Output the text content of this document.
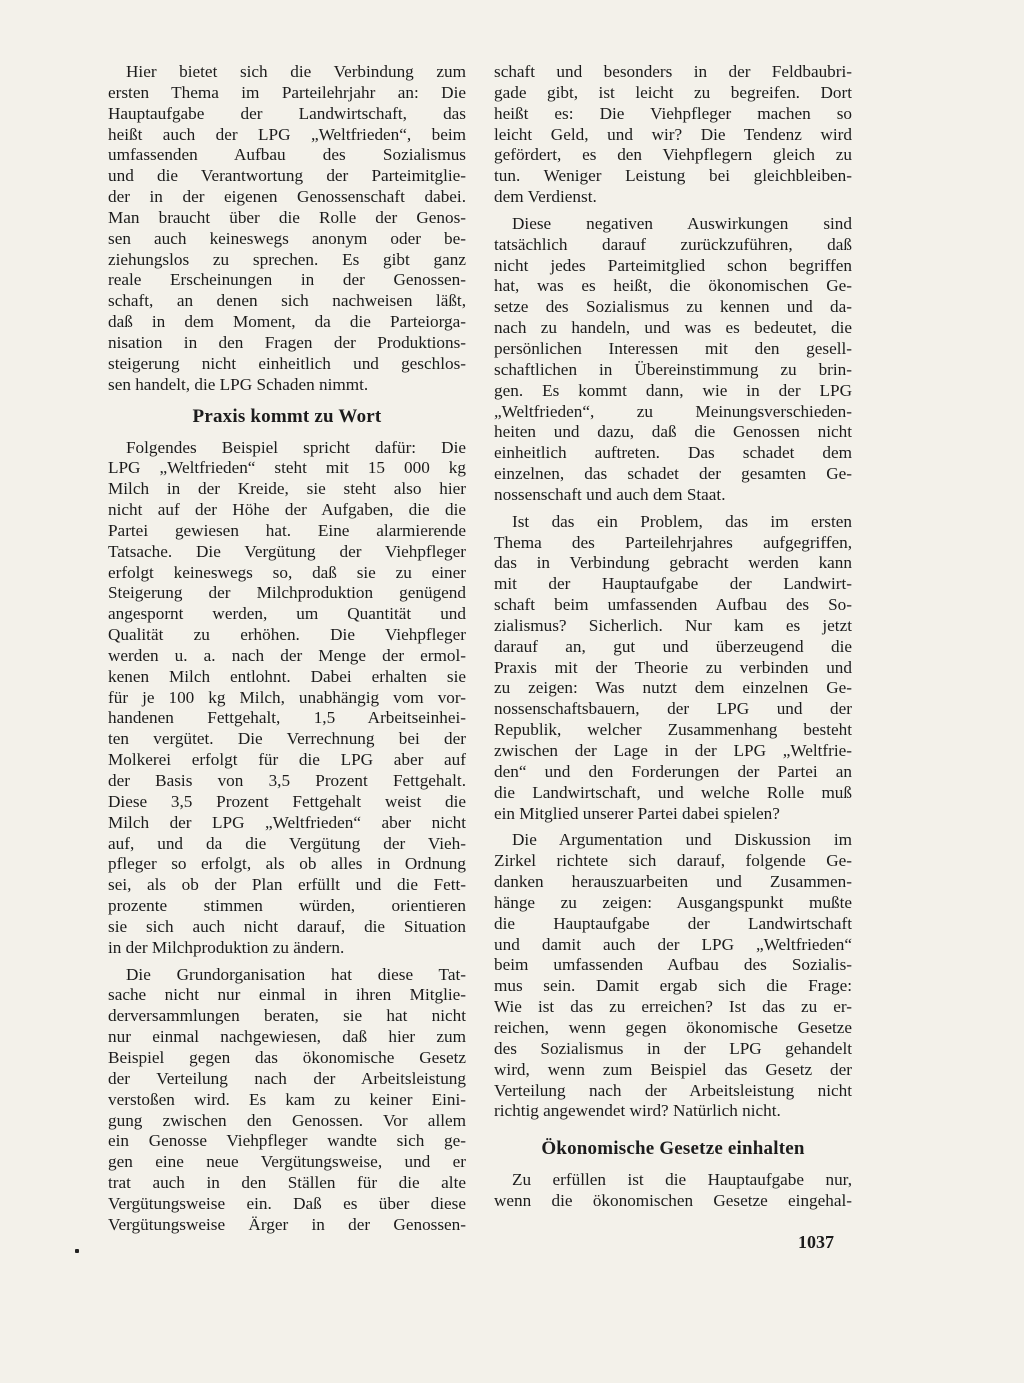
Hier bietet sich die Verbindung zum
ersten Thema im Parteilehrjahr an: Die
Hauptaufgabe der Landwirtschaft, das
heißt auch der LPG „Weltfrieden“, beim
umfassenden Aufbau des Sozialismus
und die Verantwortung der Parteimitglie-
der in der eigenen Genossenschaft dabei.
Man braucht über die Rolle der Genos-
sen auch keineswegs anonym oder be-
ziehungslos zu sprechen. Es gibt ganz
reale Erscheinungen in der Genossen-
schaft, an denen sich nachweisen läßt,
daß in dem Moment, da die Parteiorga-
nisation in den Fragen der Produktions-
steigerung nicht einheitlich und geschlos-
sen handelt, die LPG Schaden nimmt.
Praxis kommt zu Wort
Folgendes Beispiel spricht dafür: Die
LPG „Weltfrieden“ steht mit 15 000 kg
Milch in der Kreide, sie steht also hier
nicht auf der Höhe der Aufgaben, die die
Partei gewiesen hat. Eine alarmierende
Tatsache. Die Vergütung der Viehpfleger
erfolgt keineswegs so, daß sie zu einer
Steigerung der Milchproduktion genügend
angespornt werden, um Quantität und
Qualität zu erhöhen. Die Viehpfleger
werden u. a. nach der Menge der ermol-
kenen Milch entlohnt. Dabei erhalten sie
für je 100 kg Milch, unabhängig vom vor-
handenen Fettgehalt, 1,5 Arbeitseinhei-
ten vergütet. Die Verrechnung bei der
Molkerei erfolgt für die LPG aber auf
der Basis von 3,5 Prozent Fettgehalt.
Diese 3,5 Prozent Fettgehalt weist die
Milch der LPG „Weltfrieden“ aber nicht
auf, und da die Vergütung der Vieh-
pfleger so erfolgt, als ob alles in Ordnung
sei, als ob der Plan erfüllt und die Fett-
prozente stimmen würden, orientieren
sie sich auch nicht darauf, die Situation
in der Milchproduktion zu ändern.
Die Grundorganisation hat diese Tat-
sache nicht nur einmal in ihren Mitglie-
derversammlungen beraten, sie hat nicht
nur einmal nachgewiesen, daß hier zum
Beispiel gegen das ökonomische Gesetz
der Verteilung nach der Arbeitsleistung
verstoßen wird. Es kam zu keiner Eini-
gung zwischen den Genossen. Vor allem
ein Genosse Viehpfleger wandte sich ge-
gen eine neue Vergütungsweise, und er
trat auch in den Ställen für die alte
Vergütungsweise ein. Daß es über diese
Vergütungsweise Ärger in der Genossen-
schaft und besonders in der Feldbaubri-
gade gibt, ist leicht zu begreifen. Dort
heißt es: Die Viehpfleger machen so
leicht Geld, und wir? Die Tendenz wird
gefördert, es den Viehpflegern gleich zu
tun. Weniger Leistung bei gleichbleiben-
dem Verdienst.
Diese negativen Auswirkungen sind
tatsächlich darauf zurückzuführen, daß
nicht jedes Parteimitglied schon begriffen
hat, was es heißt, die ökonomischen Ge-
setze des Sozialismus zu kennen und da-
nach zu handeln, und was es bedeutet, die
persönlichen Interessen mit den gesell-
schaftlichen in Übereinstimmung zu brin-
gen. Es kommt dann, wie in der LPG
„Weltfrieden“, zu Meinungsverschieden-
heiten und dazu, daß die Genossen nicht
einheitlich auftreten. Das schadet dem
einzelnen, das schadet der gesamten Ge-
nossenschaft und auch dem Staat.
Ist das ein Problem, das im ersten
Thema des Parteilehrjahres aufgegriffen,
das in Verbindung gebracht werden kann
mit der Hauptaufgabe der Landwirt-
schaft beim umfassenden Aufbau des So-
zialismus? Sicherlich. Nur kam es jetzt
darauf an, gut und überzeugend die
Praxis mit der Theorie zu verbinden und
zu zeigen: Was nutzt dem einzelnen Ge-
nossenschaftsbauern, der LPG und der
Republik, welcher Zusammenhang besteht
zwischen der Lage in der LPG „Weltfrie-
den“ und den Forderungen der Partei an
die Landwirtschaft, und welche Rolle muß
ein Mitglied unserer Partei dabei spielen?
Die Argumentation und Diskussion im
Zirkel richtete sich darauf, folgende Ge-
danken herauszuarbeiten und Zusammen-
hänge zu zeigen: Ausgangspunkt mußte
die Hauptaufgabe der Landwirtschaft
und damit auch der LPG „Weltfrieden“
beim umfassenden Aufbau des Sozialis-
mus sein. Damit ergab sich die Frage:
Wie ist das zu erreichen? Ist das zu er-
reichen, wenn gegen ökonomische Gesetze
des Sozialismus in der LPG gehandelt
wird, wenn zum Beispiel das Gesetz der
Verteilung nach der Arbeitsleistung nicht
richtig angewendet wird? Natürlich nicht.
Ökonomische Gesetze einhalten
Zu erfüllen ist die Hauptaufgabe nur,
wenn die ökonomischen Gesetze eingehal-
1037
